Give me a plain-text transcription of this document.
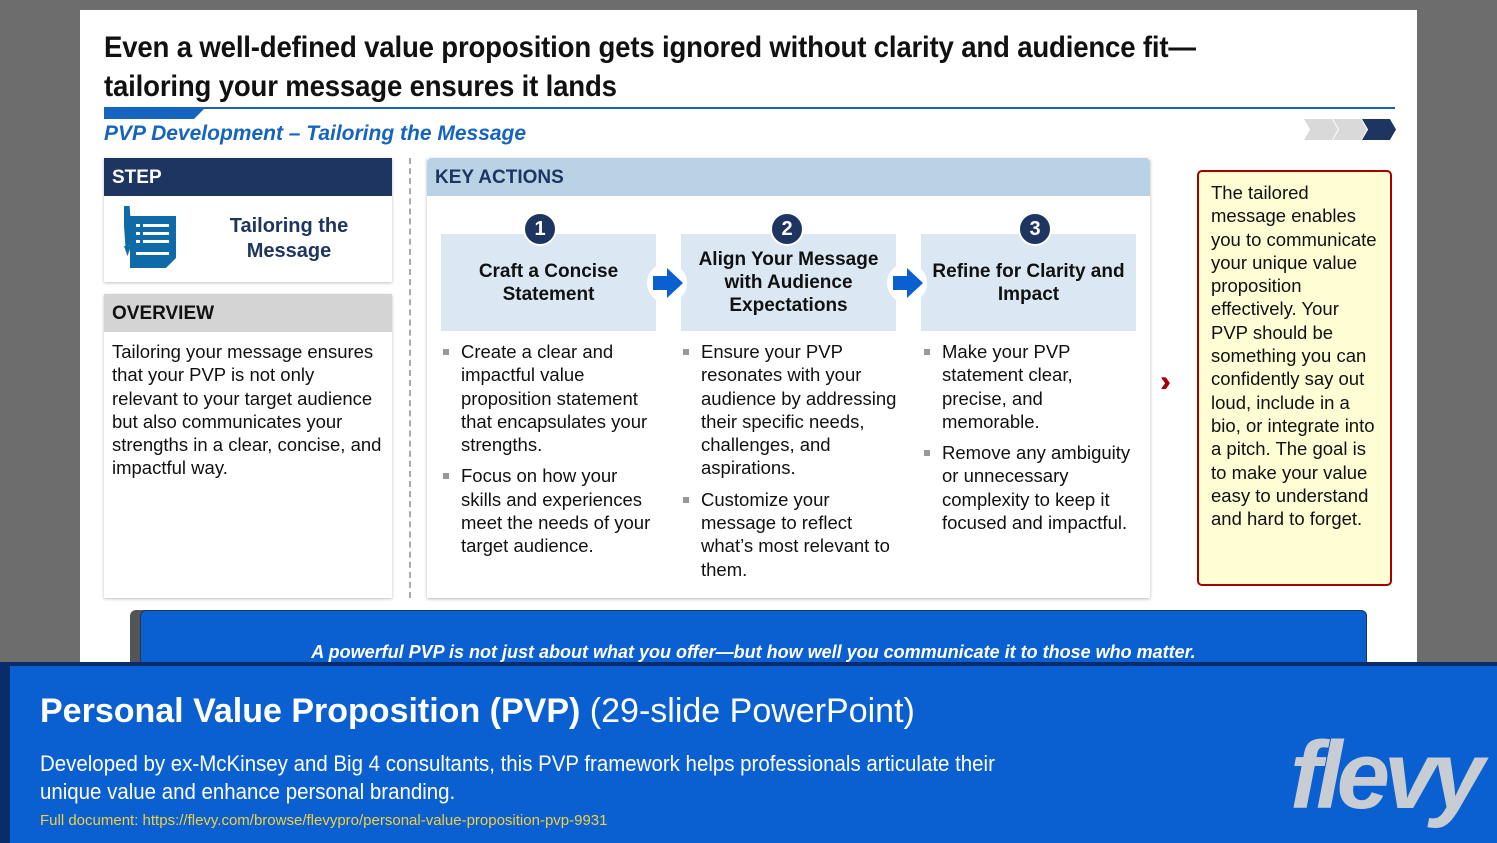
Even a well-defined value proposition gets ignored without clarity and audience fit—tailoring your message ensures it lands
PVP Development – Tailoring the Message
STEP
Tailoring the Message
OVERVIEW

Tailoring your message ensures that your PVP is not only relevant to your target audience but also communicates your strengths in a clear, concise, and impactful way.

KEY ACTIONS
1
Craft a Concise Statement
2
Align Your Message with Audience Expectations
3
Refine for Clarity and Impact
Create a clear and impactful value proposition statement that encapsulates your strengths.
Focus on how your skills and experiences meet the needs of your target audience.
Ensure your PVP resonates with your audience by addressing their specific needs, challenges, and aspirations.
Customize your message to reflect what’s most relevant to them.
Make your PVP statement clear, precise, and memorable.
Remove any ambiguity or unnecessary complexity to keep it focused and impactful.
››
The tailored message enables you to communicate your unique value proposition effectively. Your PVP should be something you can confidently say out loud, include in a bio, or integrate into a pitch. The goal is to make your value easy to understand and hard to forget.
A powerful PVP is not just about what you offer—but how well you communicate it to those who matter.
Personal Value Proposition (PVP) (29-slide PowerPoint)
Developed by ex-McKinsey and Big 4 consultants, this PVP framework helps professionals articulate their unique value and enhance personal branding.
Full document: https://flevy.com/browse/flevypro/personal-value-proposition-pvp-9931	flevy
